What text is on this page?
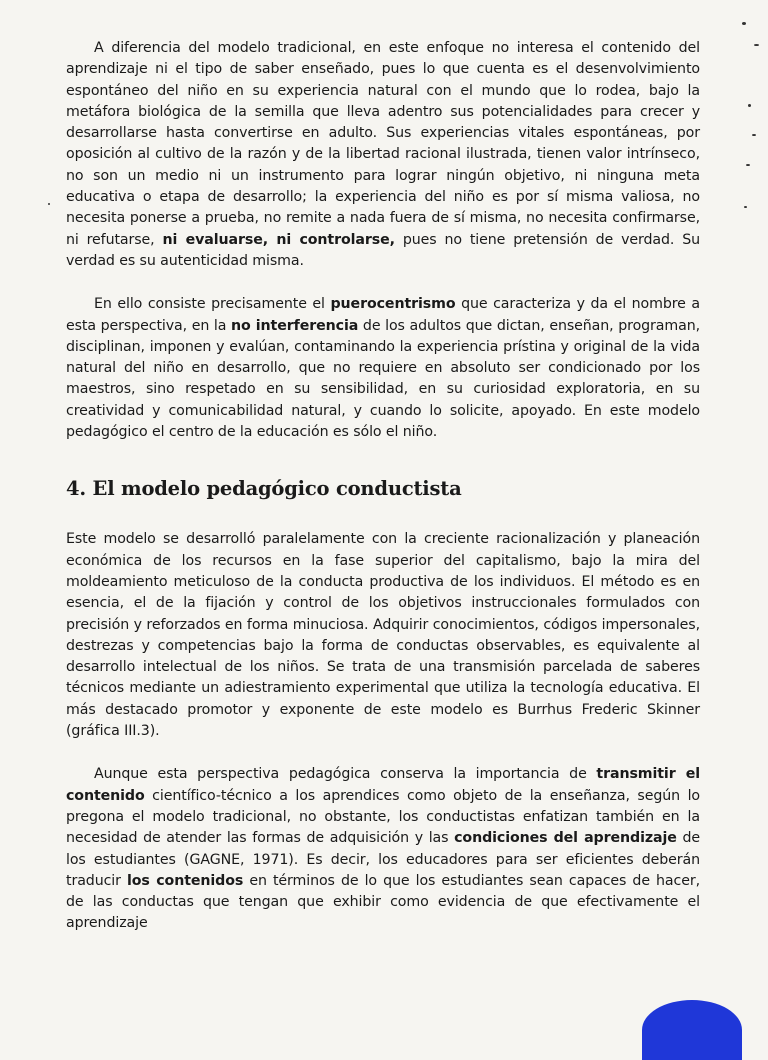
A diferencia del modelo tradicional, en este enfoque no interesa el contenido del aprendizaje ni el tipo de saber enseñado, pues lo que cuenta es el desenvolvimiento espontáneo del niño en su experiencia natural con el mundo que lo rodea, bajo la metáfora biológica de la semilla que lleva adentro sus potencialidades para crecer y desarrollarse hasta convertirse en adulto. Sus experiencias vitales espontáneas, por oposición al cultivo de la razón y de la libertad racional ilustrada, tienen valor intrínseco, no son un medio ni un instrumento para lograr ningún objetivo, ni ninguna meta educativa o etapa de desarrollo; la experiencia del niño es por sí misma valiosa, no necesita ponerse a prueba, no remite a nada fuera de sí misma, no necesita confirmarse, ni refutarse, ni evaluarse, ni controlarse, pues no tiene pretensión de verdad. Su verdad es su autenticidad misma.

En ello consiste precisamente el puerocentrismo que caracteriza y da el nombre a esta perspectiva, en la no interferencia de los adultos que dictan, enseñan, programan, disciplinan, imponen y evalúan, contaminando la experiencia prístina y original de la vida natural del niño en desarrollo, que no requiere en absoluto ser condicionado por los maestros, sino respetado en su sensibilidad, en su curiosidad exploratoria, en su creatividad y comunicabilidad natural, y cuando lo solicite, apoyado. En este modelo pedagógico el centro de la educación es sólo el niño.

4. El modelo pedagógico conductista

Este modelo se desarrolló paralelamente con la creciente racionalización y planeación económica de los recursos en la fase superior del capitalismo, bajo la mira del moldeamiento meticuloso de la conducta productiva de los individuos. El método es en esencia, el de la fijación y control de los objetivos instruccionales formulados con precisión y reforzados en forma minuciosa. Adquirir conocimientos, códigos impersonales, destrezas y competencias bajo la forma de conductas observables, es equivalente al desarrollo intelectual de los niños. Se trata de una transmisión parcelada de saberes técnicos mediante un adiestramiento experimental que utiliza la tecnología educativa. El más destacado promotor y exponente de este modelo es Burrhus Frederic Skinner (gráfica III.3).

Aunque esta perspectiva pedagógica conserva la importancia de transmitir el contenido científico-técnico a los aprendices como objeto de la enseñanza, según lo pregona el modelo tradicional, no obstante, los conductistas enfatizan también en la necesidad de atender las formas de adquisición y las condiciones del aprendizaje de los estudiantes (GAGNE, 1971). Es decir, los educadores para ser eficientes deberán traducir los contenidos en términos de lo que los estudiantes sean capaces de hacer, de las conductas que tengan que exhibir como evidencia de que efectivamente el aprendizaje
